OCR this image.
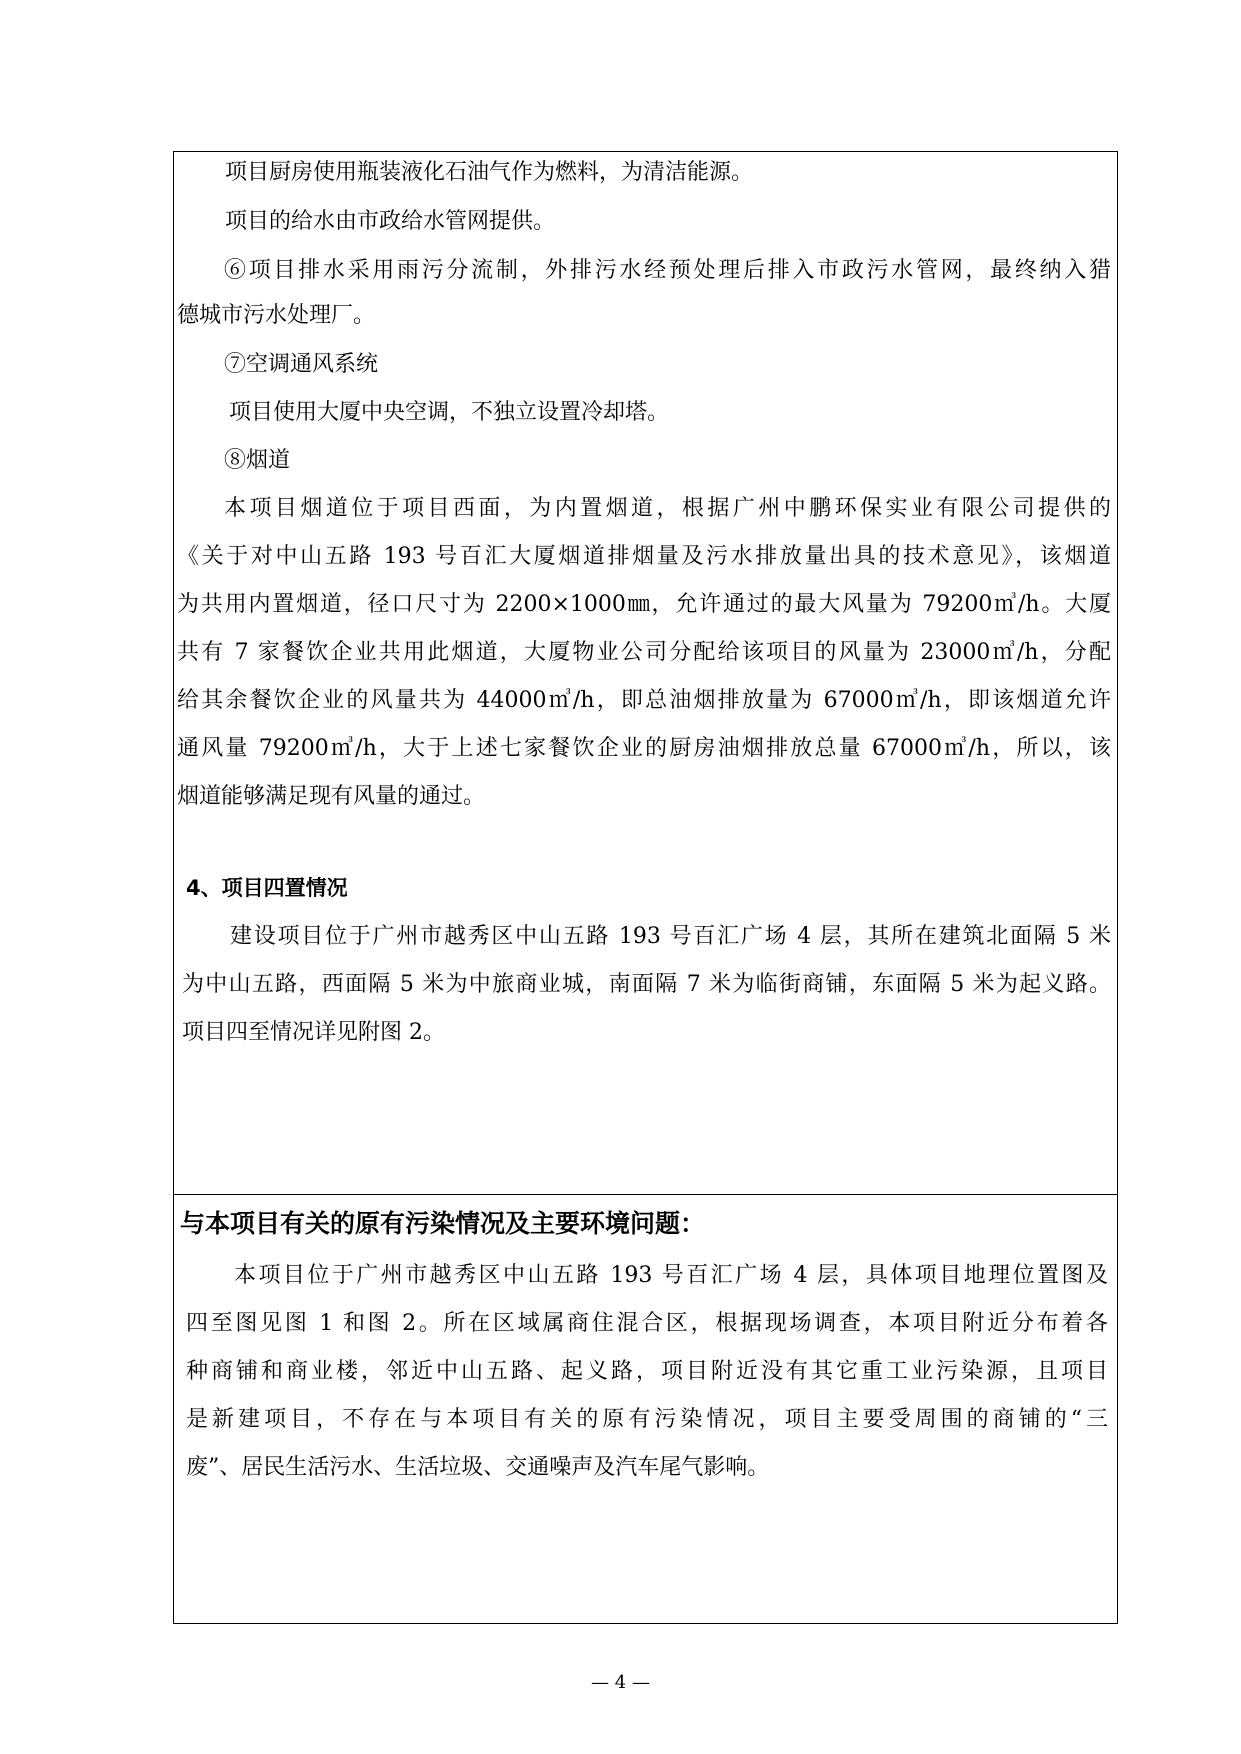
项目厨房使用瓶装液化石油气作为燃料，为清洁能源。
项目的给水由市政给水管网提供。
⑥项目排水采用雨污分流制，外排污水经预处理后排入市政污水管网，最终纳入猎
德城市污水处理厂。
⑦空调通风系统
项目使用大厦中央空调，不独立设置冷却塔。
⑧烟道
本项目烟道位于项目西面，为内置烟道，根据广州中鹏环保实业有限公司提供的
《关于对中山五路 193 号百汇大厦烟道排烟量及污水排放量出具的技术意见》，该烟道
为共用内置烟道，径口尺寸为 2200×1000㎜，允许通过的最大风量为 79200㎥/h。大厦
共有 7 家餐饮企业共用此烟道，大厦物业公司分配给该项目的风量为 23000㎥/h，分配
给其余餐饮企业的风量共为 44000㎥/h，即总油烟排放量为 67000㎥/h，即该烟道允许
通风量 79200㎥/h，大于上述七家餐饮企业的厨房油烟排放总量 67000㎥/h，所以，该
烟道能够满足现有风量的通过。
4、项目四置情况
建设项目位于广州市越秀区中山五路 193 号百汇广场 4 层，其所在建筑北面隔 5 米
为中山五路，西面隔 5 米为中旅商业城，南面隔 7 米为临街商铺，东面隔 5 米为起义路。
项目四至情况详见附图 2。
与本项目有关的原有污染情况及主要环境问题：
本项目位于广州市越秀区中山五路 193 号百汇广场 4 层，具体项目地理位置图及
四至图见图 1 和图 2。所在区域属商住混合区，根据现场调查，本项目附近分布着各
种商铺和商业楼，邻近中山五路、起义路，项目附近没有其它重工业污染源，且项目
是新建项目，不存在与本项目有关的原有污染情况，项目主要受周围的商铺的“三
废”、居民生活污水、生活垃圾、交通噪声及汽车尾气影响。
— 4 —
